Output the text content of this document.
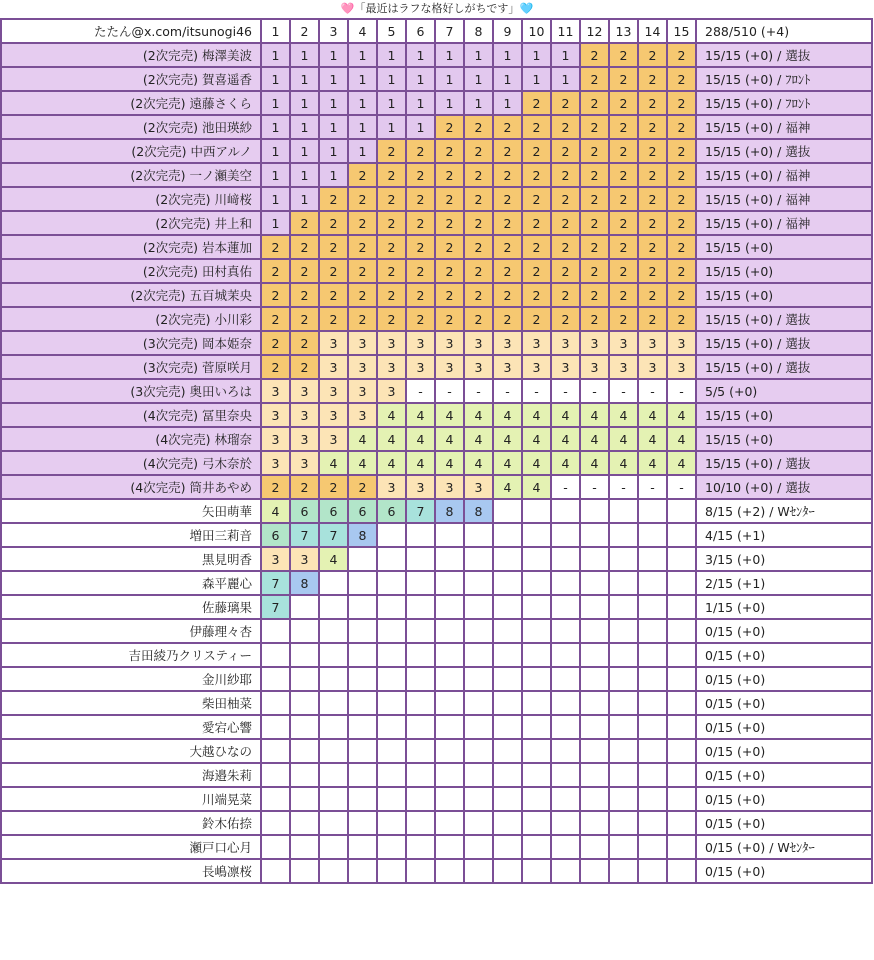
🩷「最近はラフな格好しがちです」🩵
たたん@x.com/itsunogi46	1	2	3	4	5	6	7	8	9	10	11	12	13	14	15	288/510 (+4)
(2次完売) 梅澤美波	1	1	1	1	1	1	1	1	1	1	1	2	2	2	2	15/15 (+0) / 選抜
(2次完売) 賀喜遥香	1	1	1	1	1	1	1	1	1	1	1	2	2	2	2	15/15 (+0) / ﾌﾛﾝﾄ
(2次完売) 遠藤さくら	1	1	1	1	1	1	1	1	1	2	2	2	2	2	2	15/15 (+0) / ﾌﾛﾝﾄ
(2次完売) 池田瑛紗	1	1	1	1	1	1	2	2	2	2	2	2	2	2	2	15/15 (+0) / 福神
(2次完売) 中西アルノ	1	1	1	1	2	2	2	2	2	2	2	2	2	2	2	15/15 (+0) / 選抜
(2次完売) 一ノ瀬美空	1	1	1	2	2	2	2	2	2	2	2	2	2	2	2	15/15 (+0) / 福神
(2次完売) 川﨑桜	1	1	2	2	2	2	2	2	2	2	2	2	2	2	2	15/15 (+0) / 福神
(2次完売) 井上和	1	2	2	2	2	2	2	2	2	2	2	2	2	2	2	15/15 (+0) / 福神
(2次完売) 岩本蓮加	2	2	2	2	2	2	2	2	2	2	2	2	2	2	2	15/15 (+0)
(2次完売) 田村真佑	2	2	2	2	2	2	2	2	2	2	2	2	2	2	2	15/15 (+0)
(2次完売) 五百城茉央	2	2	2	2	2	2	2	2	2	2	2	2	2	2	2	15/15 (+0)
(2次完売) 小川彩	2	2	2	2	2	2	2	2	2	2	2	2	2	2	2	15/15 (+0) / 選抜
(3次完売) 岡本姫奈	2	2	3	3	3	3	3	3	3	3	3	3	3	3	3	15/15 (+0) / 選抜
(3次完売) 菅原咲月	2	2	3	3	3	3	3	3	3	3	3	3	3	3	3	15/15 (+0) / 選抜
(3次完売) 奥田いろは	3	3	3	3	3	-	-	-	-	-	-	-	-	-	-	5/5 (+0)
(4次完売) 冨里奈央	3	3	3	3	4	4	4	4	4	4	4	4	4	4	4	15/15 (+0)
(4次完売) 林瑠奈	3	3	3	4	4	4	4	4	4	4	4	4	4	4	4	15/15 (+0)
(4次完売) 弓木奈於	3	3	4	4	4	4	4	4	4	4	4	4	4	4	4	15/15 (+0) / 選抜
(4次完売) 筒井あやめ	2	2	2	2	3	3	3	3	4	4	-	-	-	-	-	10/10 (+0) / 選抜
矢田萌華	4	6	6	6	6	7	8	8								8/15 (+2) / Wｾﾝﾀｰ
増田三莉音	6	7	7	8												4/15 (+1)
黒見明香	3	3	4													3/15 (+0)
森平麗心	7	8														2/15 (+1)
佐藤璃果	7															1/15 (+0)
伊藤理々杏																0/15 (+0)
吉田綾乃クリスティー																0/15 (+0)
金川紗耶																0/15 (+0)
柴田柚菜																0/15 (+0)
愛宕心響																0/15 (+0)
大越ひなの																0/15 (+0)
海邉朱莉																0/15 (+0)
川端晃菜																0/15 (+0)
鈴木佑捺																0/15 (+0)
瀬戸口心月																0/15 (+0) / Wｾﾝﾀｰ
長嶋凛桜																0/15 (+0)
